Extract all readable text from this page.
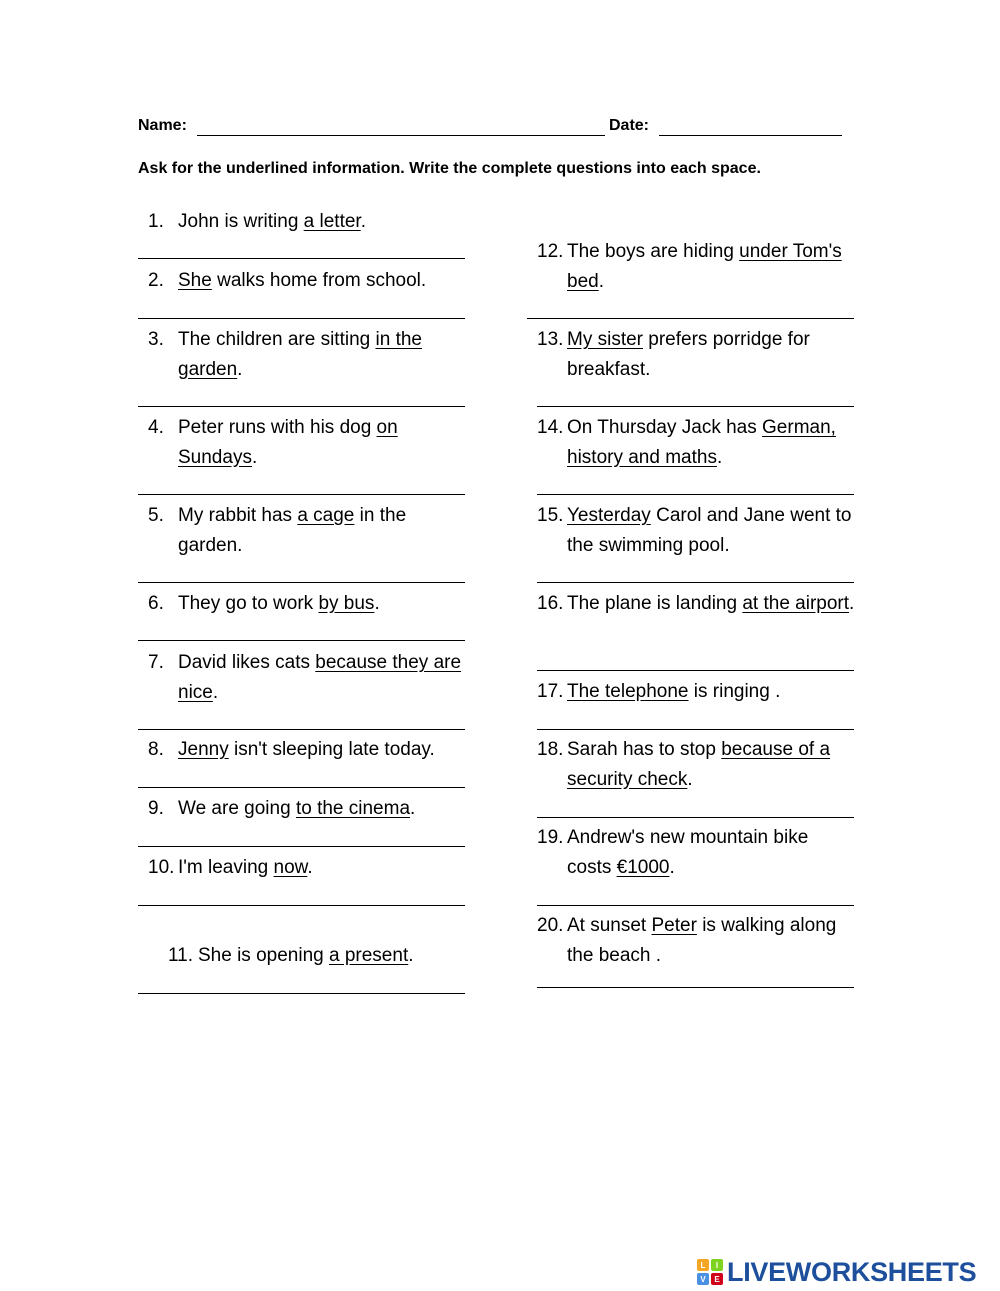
Name:	Date:
Ask for the underlined information. Write the complete questions into each space.
1. John is writing a letter.
2. She walks home from school.
3. The children are sitting in the garden.
4. Peter runs with his dog on Sundays.
5. My rabbit has a cage in the garden.
6. They go to work by bus.
7. David likes cats because they are nice.
8. Jenny isn't sleeping late today.
9. We are going to the cinema.
10. I'm leaving now.
11. She is opening a present.
12. The boys are hiding under Tom's bed.
13. My sister prefers porridge for breakfast.
14. On Thursday Jack has German, history and maths.
15. Yesterday Carol and Jane went to the swimming pool.
16. The plane is landing at the airport.
17. The telephone is ringing .
18. Sarah has to stop because of a security check.
19. Andrew's new mountain bike costs €1000.
20. At sunset Peter is walking along the beach .
L	I
V	E LIVEWORKSHEETS
